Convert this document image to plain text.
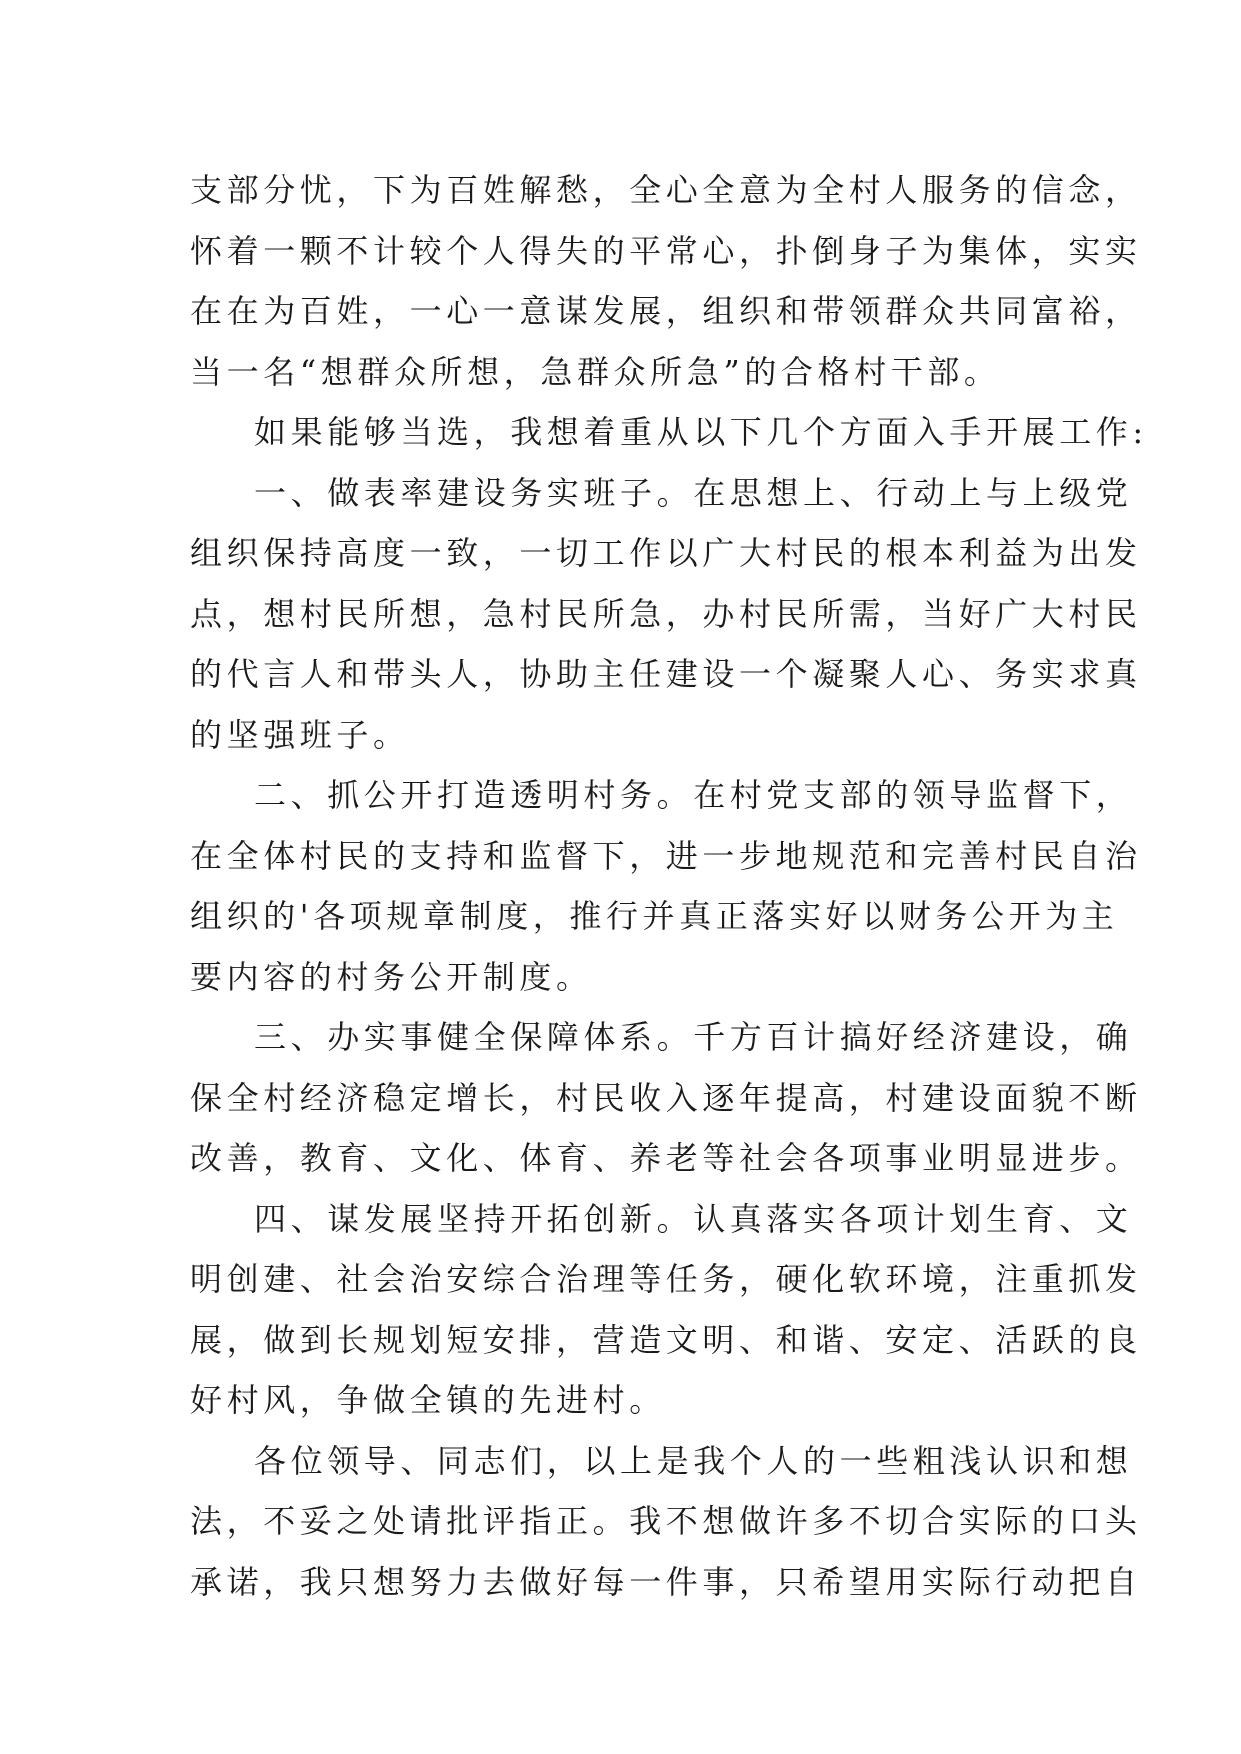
支部分忧，下为百姓解愁，全心全意为全村人服务的信念，
怀着一颗不计较个人得失的平常心，扑倒身子为集体，实实
在在为百姓，一心一意谋发展，组织和带领群众共同富裕，
当一名“想群众所想，急群众所急”的合格村干部。
如果能够当选，我想着重从以下几个方面入手开展工作:
一、做表率建设务实班子。在思想上、行动上与上级党
组织保持高度一致，一切工作以广大村民的根本利益为出发
点，想村民所想，急村民所急，办村民所需，当好广大村民
的代言人和带头人，协助主任建设一个凝聚人心、务实求真
的坚强班子。
二、抓公开打造透明村务。在村党支部的领导监督下，
在全体村民的支持和监督下，进一步地规范和完善村民自治
组织的'各项规章制度，推行并真正落实好以财务公开为主
要内容的村务公开制度。
三、办实事健全保障体系。千方百计搞好经济建设，确
保全村经济稳定增长，村民收入逐年提高，村建设面貌不断
改善，教育、文化、体育、养老等社会各项事业明显进步。
四、谋发展坚持开拓创新。认真落实各项计划生育、文
明创建、社会治安综合治理等任务，硬化软环境，注重抓发
展，做到长规划短安排，营造文明、和谐、安定、活跃的良
好村风，争做全镇的先进村。
各位领导、同志们，以上是我个人的一些粗浅认识和想
法，不妥之处请批评指正。我不想做许多不切合实际的口头
承诺，我只想努力去做好每一件事，只希望用实际行动把自
